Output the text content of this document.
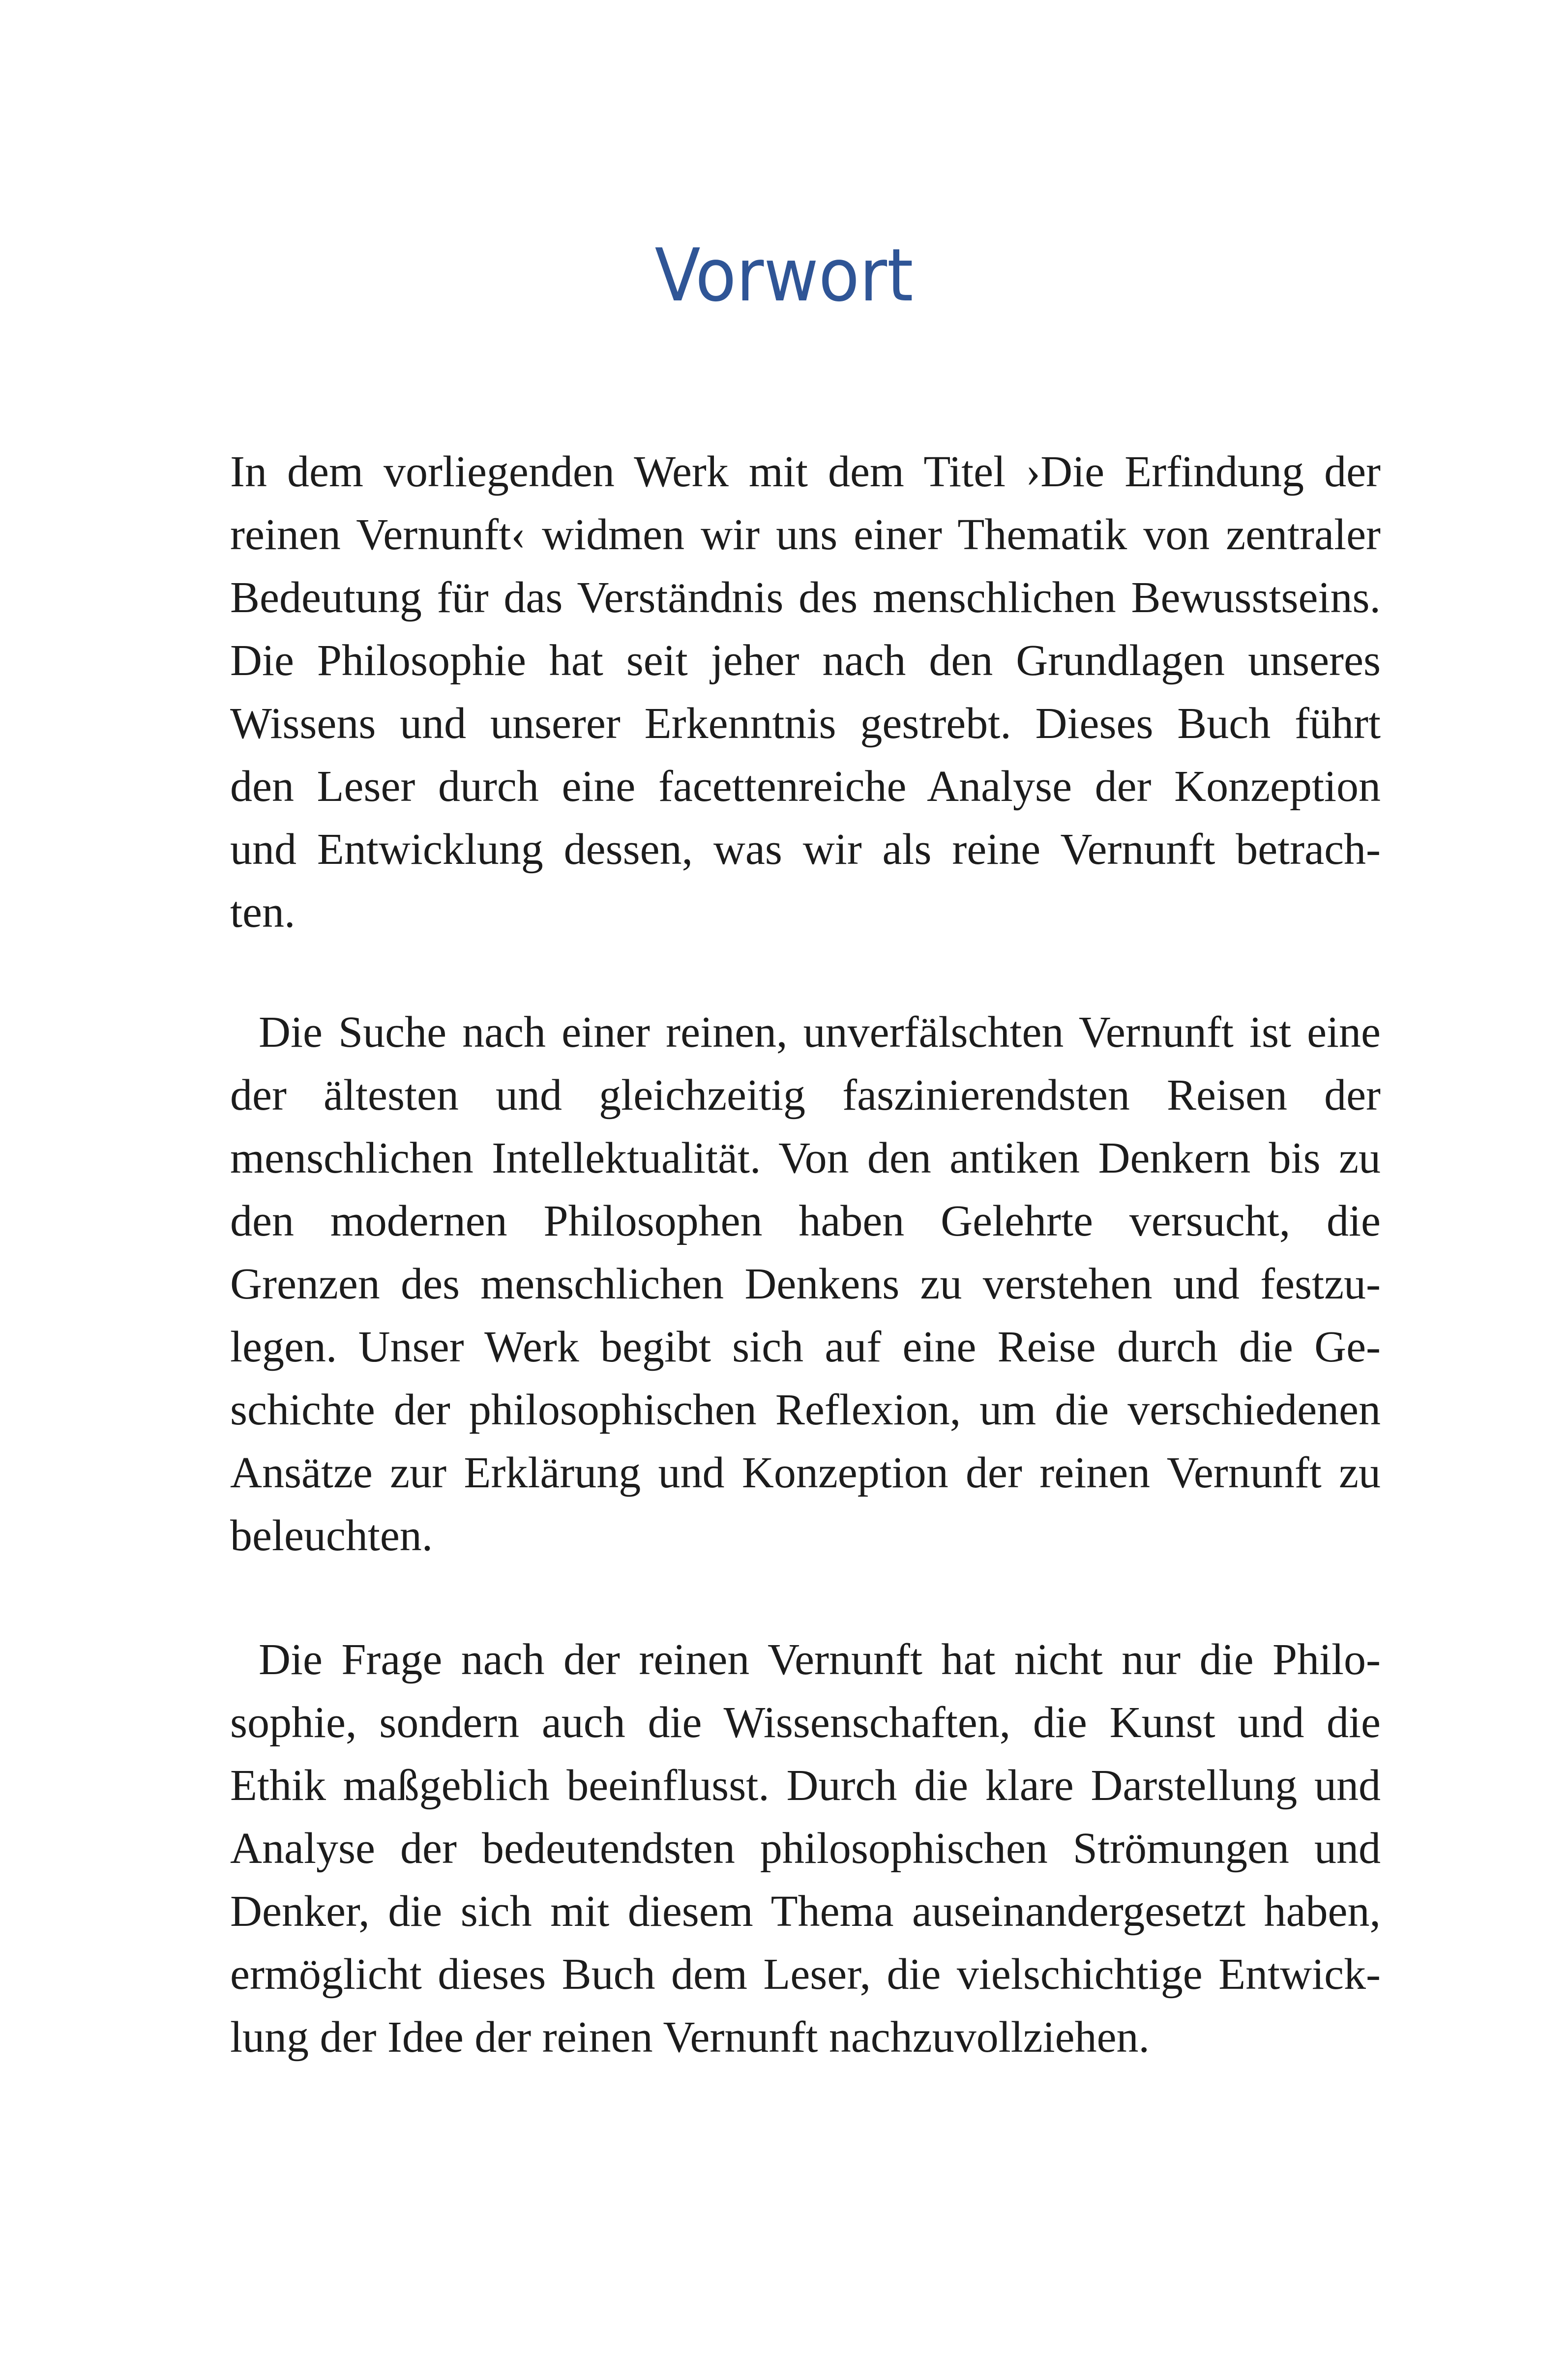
Vorwort

In dem vorliegenden Werk mit dem Titel ›Die Erfindung der
reinen Vernunft‹ widmen wir uns einer Thematik von zentraler
Bedeutung für das Verständnis des menschlichen Bewusstseins.
Die Philosophie hat seit jeher nach den Grundlagen unseres
Wissens und unserer Erkenntnis gestrebt. Dieses Buch führt
den Leser durch eine facettenreiche Analyse der Konzeption
und Entwicklung dessen, was wir als reine Vernunft betrach-
ten.

Die Suche nach einer reinen, unverfälschten Vernunft ist eine
der ältesten und gleichzeitig faszinierendsten Reisen der
menschlichen Intellektualität. Von den antiken Denkern bis zu
den modernen Philosophen haben Gelehrte versucht, die
Grenzen des menschlichen Denkens zu verstehen und festzu-
legen. Unser Werk begibt sich auf eine Reise durch die Ge-
schichte der philosophischen Reflexion, um die verschiedenen
Ansätze zur Erklärung und Konzeption der reinen Vernunft zu
beleuchten.

Die Frage nach der reinen Vernunft hat nicht nur die Philo-
sophie, sondern auch die Wissenschaften, die Kunst und die
Ethik maßgeblich beeinflusst. Durch die klare Darstellung und
Analyse der bedeutendsten philosophischen Strömungen und
Denker, die sich mit diesem Thema auseinandergesetzt haben,
ermöglicht dieses Buch dem Leser, die vielschichtige Entwick-
lung der Idee der reinen Vernunft nachzuvollziehen.
